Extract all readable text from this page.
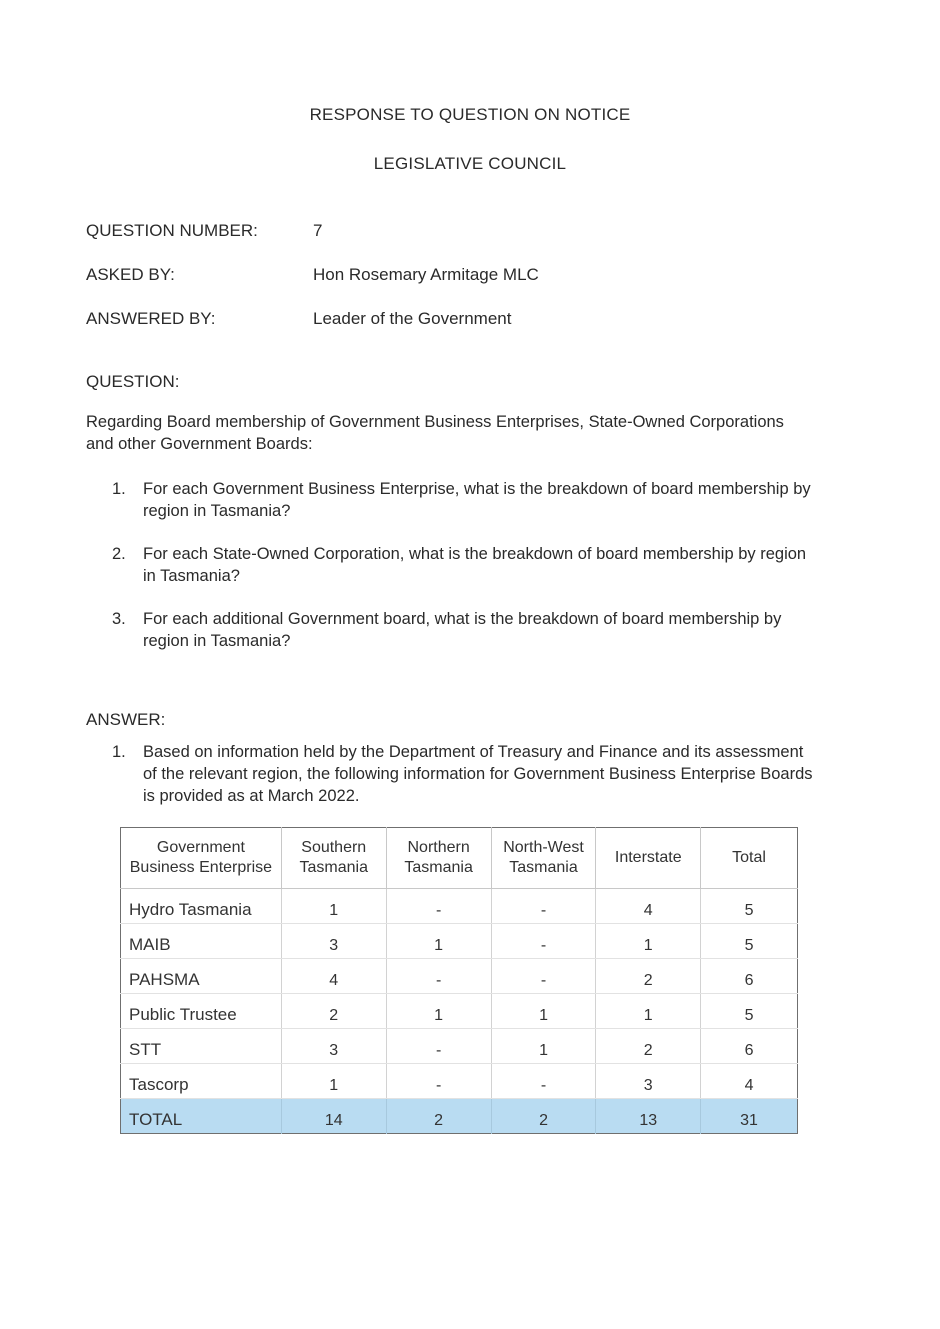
RESPONSE TO QUESTION ON NOTICE
LEGISLATIVE COUNCIL
QUESTION NUMBER:	7
ASKED BY:	Hon Rosemary Armitage MLC
ANSWERED BY:	Leader of the Government
QUESTION:
Regarding Board membership of Government Business Enterprises, State-Owned Corporations and other Government Boards:
1.	For each Government Business Enterprise, what is the breakdown of board membership by region in Tasmania?
2.	For each State-Owned Corporation, what is the breakdown of board membership by region in Tasmania?
3.	For each additional Government board, what is the breakdown of board membership by region in Tasmania?
ANSWER:
1.	Based on information held by the Department of Treasury and Finance and its assessment of the relevant region, the following information for Government Business Enterprise Boards is provided as at March 2022.
Government Business Enterprise	Southern Tasmania	Northern Tasmania	North-West Tasmania	Interstate	Total
Hydro Tasmania	1	-	-	4	5
MAIB	3	1	-	1	5
PAHSMA	4	-	-	2	6
Public Trustee	2	1	1	1	5
STT	3	-	1	2	6
Tascorp	1	-	-	3	4
TOTAL	14	2	2	13	31
